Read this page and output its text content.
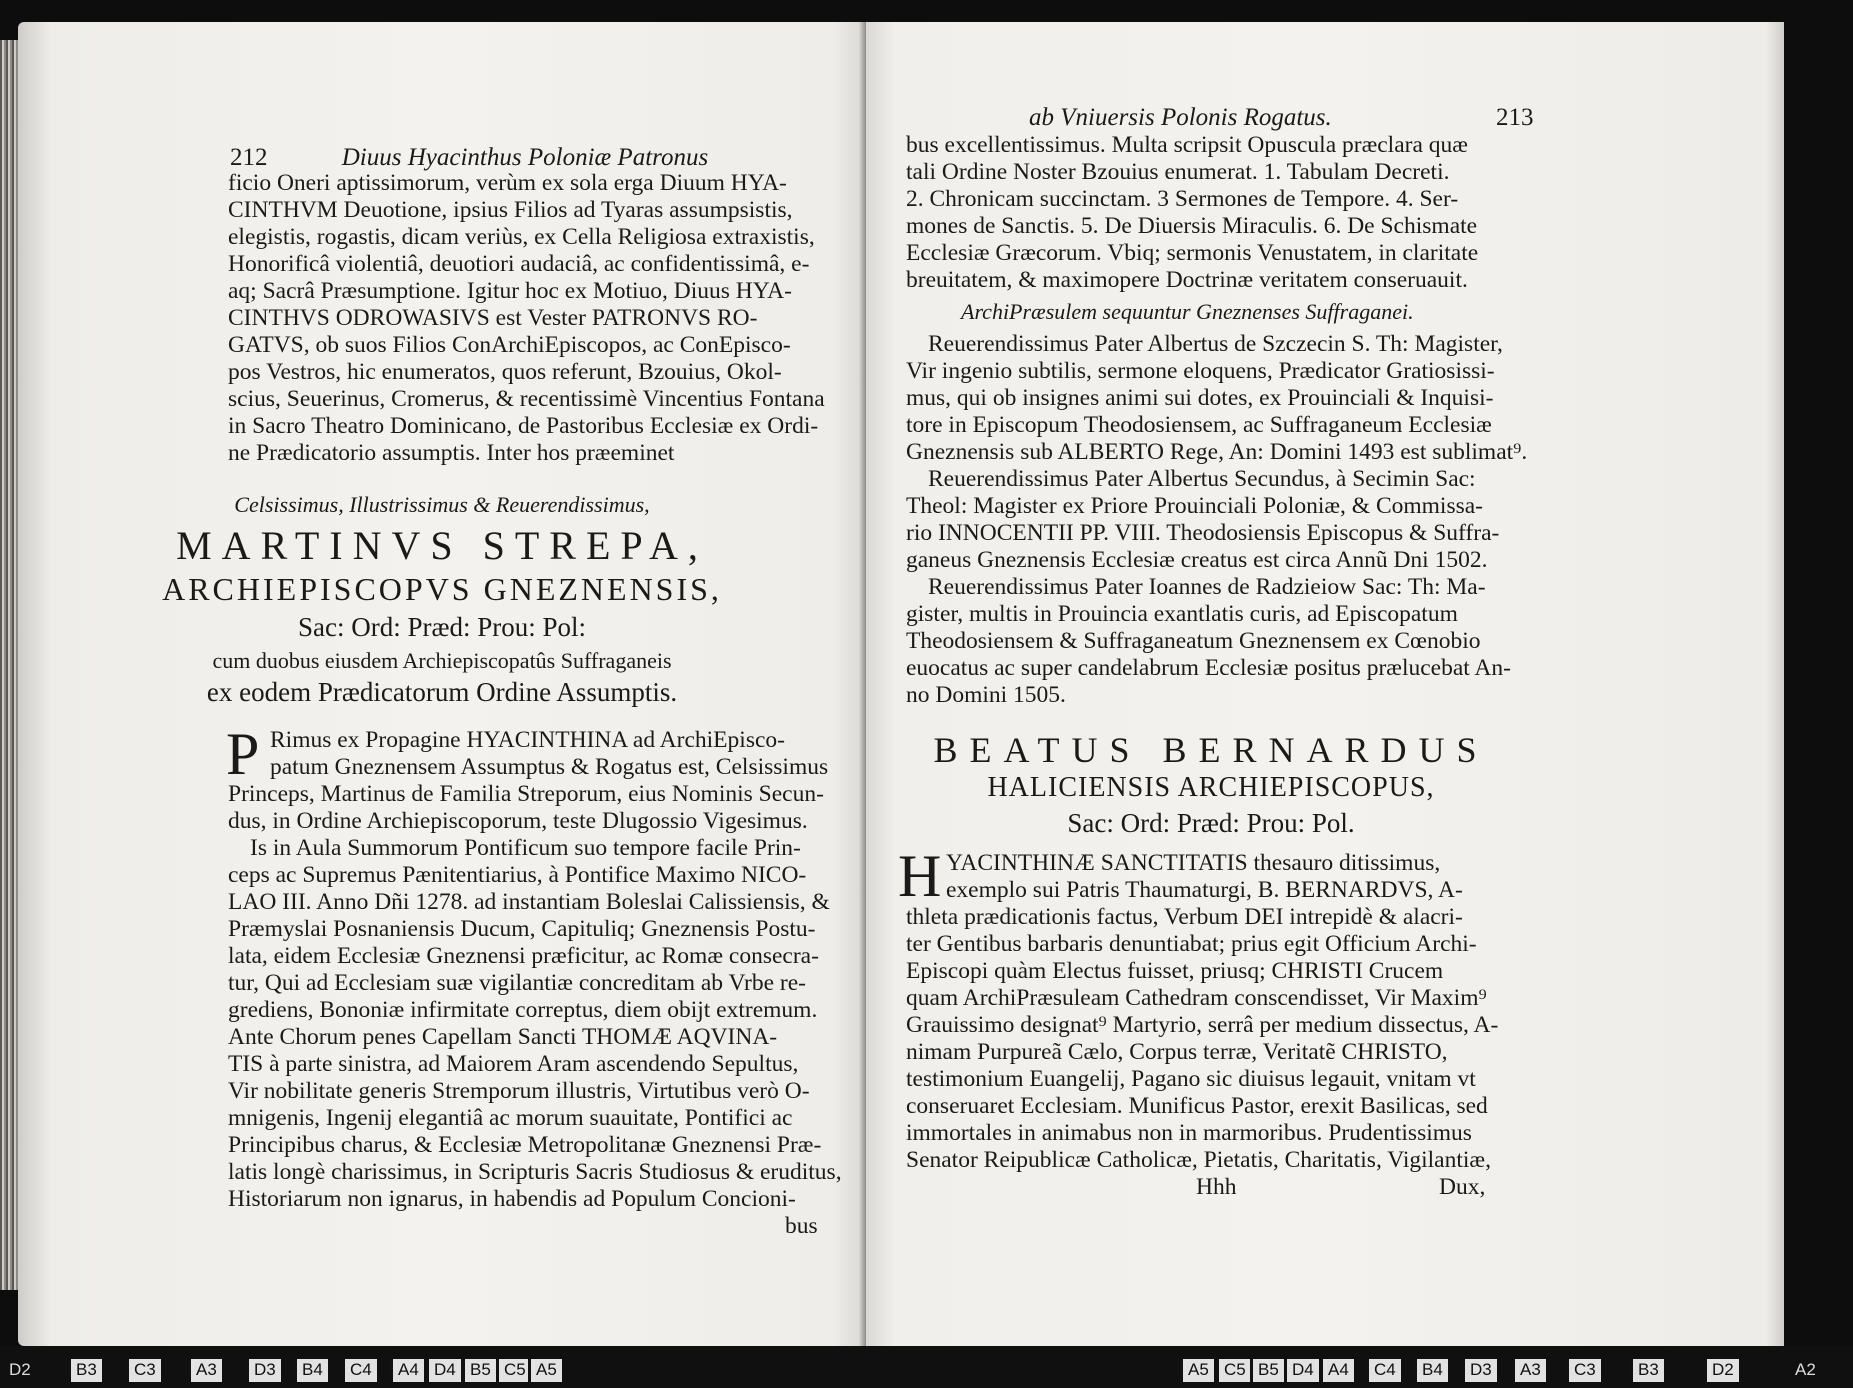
212	Diuus Hyacinthus Poloniæ Patronus
ficio Oneri aptissimorum, verùm ex sola erga Diuum HYA-
CINTHVM Deuotione, ipsius Filios ad Tyaras assumpsistis,
elegistis, rogastis, dicam veriùs, ex Cella Religiosa extraxistis,
Honorificâ violentiâ, deuotiori audaciâ, ac confidentissimâ, e-
aq; Sacrâ Præsumptione. Igitur hoc ex Motiuo, Diuus HYA-
CINTHVS ODROWASIVS est Vester PATRONVS RO-
GATVS, ob suos Filios ConArchiEpiscopos, ac ConEpisco-
pos Vestros, hic enumeratos, quos referunt, Bzouius, Okol-
scius, Seuerinus, Cromerus, & recentissimè Vincentius Fontana
in Sacro Theatro Dominicano, de Pastoribus Ecclesiæ ex Ordi-
ne Prædicatorio assumptis. Inter hos præeminet
Celsissimus, Illustrissimus & Reuerendissimus,
MARTINVS STREPA,
ARCHIEPISCOPVS GNEZNENSIS,
Sac: Ord: Præd: Prou: Pol:
cum duobus eiusdem Archiepiscopatûs Suffraganeis
ex eodem Prædicatorum Ordine Assumptis.
P Rimus ex Propagine HYACINTHINA ad ArchiEpisco-
patum Gneznensem Assumptus & Rogatus est, Celsissimus
Princeps, Martinus de Familia Streporum, eius Nominis Secun-
dus, in Ordine Archiepiscoporum, teste Dlugossio Vigesimus.
Is in Aula Summorum Pontificum suo tempore facile Prin-
ceps ac Supremus Pænitentiarius, à Pontifice Maximo NICO-
LAO III. Anno Dñi 1278. ad instantiam Boleslai Calissiensis, &
Præmyslai Posnaniensis Ducum, Capituliq; Gneznensis Postu-
lata, eidem Ecclesiæ Gneznensi præficitur, ac Romæ consecra-
tur, Qui ad Ecclesiam suæ vigilantiæ concreditam ab Vrbe re-
grediens, Bononiæ infirmitate correptus, diem obijt extremum.
Ante Chorum penes Capellam Sancti THOMÆ AQVINA-
TIS à parte sinistra, ad Maiorem Aram ascendendo Sepultus,
Vir nobilitate generis Stremporum illustris, Virtutibus verò O-
mnigenis, Ingenij elegantiâ ac morum suauitate, Pontifici ac
Principibus charus, & Ecclesiæ Metropolitanæ Gneznensi Præ-
latis longè charissimus, in Scripturis Sacris Studiosus & eruditus,
Historiarum non ignarus, in habendis ad Populum Concioni-
bus
ab Vniuersis Polonis Rogatus.	213
bus excellentissimus. Multa scripsit Opuscula præclara quæ
tali Ordine Noster Bzouius enumerat. 1. Tabulam Decreti.
2. Chronicam succinctam. 3 Sermones de Tempore. 4. Ser-
mones de Sanctis. 5. De Diuersis Miraculis. 6. De Schismate
Ecclesiæ Græcorum. Vbiq; sermonis Venustatem, in claritate
breuitatem, & maximopere Doctrinæ veritatem conseruauit.
ArchiPræsulem sequuntur Gneznenses Suffraganei.
Reuerendissimus Pater Albertus de Szczecin S. Th: Magister,
Vir ingenio subtilis, sermone eloquens, Prædicator Gratiosissi-
mus, qui ob insignes animi sui dotes, ex Prouinciali & Inquisi-
tore in Episcopum Theodosiensem, ac Suffraganeum Ecclesiæ
Gneznensis sub ALBERTO Rege, An: Domini 1493 est sublimat⁹.
Reuerendissimus Pater Albertus Secundus, à Secimin Sac:
Theol: Magister ex Priore Prouinciali Poloniæ, & Commissa-
rio INNOCENTII PP. VIII. Theodosiensis Episcopus & Suffra-
ganeus Gneznensis Ecclesiæ creatus est circa Annũ Dni 1502.
Reuerendissimus Pater Ioannes de Radzieiow Sac: Th: Ma-
gister, multis in Prouincia exantlatis curis, ad Episcopatum
Theodosiensem & Suffraganeatum Gneznensem ex Cœnobio
euocatus ac super candelabrum Ecclesiæ positus prælucebat An-
no Domini 1505.
BEATUS BERNARDUS
HALICIENSIS ARCHIEPISCOPUS,
Sac: Ord: Præd: Prou: Pol.
H YACINTHINÆ SANCTITATIS thesauro ditissimus,
exemplo sui Patris Thaumaturgi, B. BERNARDVS, A-
thleta prædicationis factus, Verbum DEI intrepidè & alacri-
ter Gentibus barbaris denuntiabat; prius egit Officium Archi-
Episcopi quàm Electus fuisset, priusq; CHRISTI Crucem
quam ArchiPræsuleam Cathedram conscendisset, Vir Maxim⁹
Grauissimo designat⁹ Martyrio, serrâ per medium dissectus, A-
nimam Purpureã Cælo, Corpus terræ, Veritatẽ CHRISTO,
testimonium Euangelij, Pagano sic diuisus legauit, vnitam vt
conseruaret Ecclesiam. Munificus Pastor, erexit Basilicas, sed
immortales in animabus non in marmoribus. Prudentissimus
Senator Reipublicæ Catholicæ, Pietatis, Charitatis, Vigilantiæ,
Hhh	Dux,
D2	B3	C3	A3	D3	B4	C4	A4 D4 B5 C5 A5	A5 C5 B5 D4 A4	C4	B4	D3	A3	C3	B3	D2	A2
